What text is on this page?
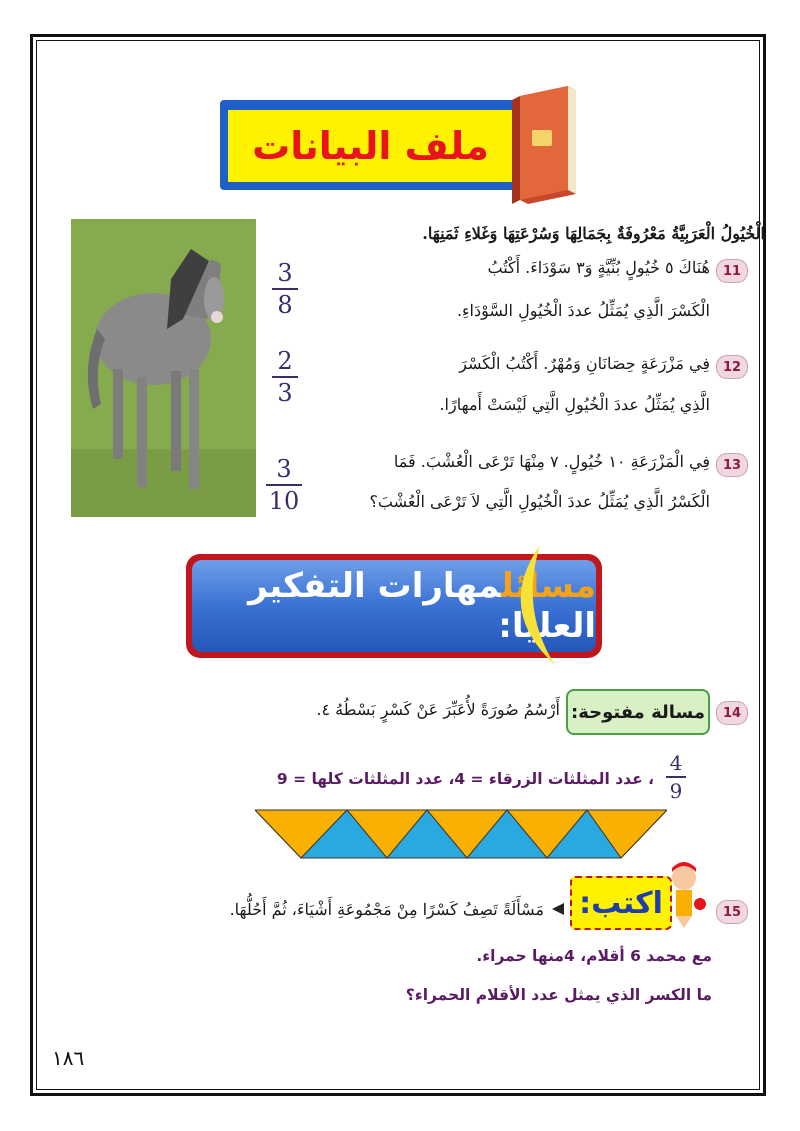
ملف البيانات
الْخُيُولُ الْعَرَبِيَّةُ مَعْرُوفَةٌ بِجَمَالِهَا وَسُرْعَتِهَا وَغَلاءِ ثَمَنِهَا.
11
هُنَاكَ ٥ خُيُولٍ بُنِّيَّةٍ وَ٣ سَوْدَاءَ. أَكْتُبُ
الْكَسْرَ الَّذِي يُمَثِّلُ عددَ الْخُيُولِ السَّوْدَاءِ.
3
8
12
فِي مَزْرَعَةٍ حِصَانَانِ وَمُهْرٌ. أَكْتُبُ الْكَسْرَ
الَّذِي يُمَثِّلُ عددَ الْخُيُولِ الَّتِي لَيْسَتْ أَمهارًا.
2
3
13
فِي الْمَزْرَعَةِ ١٠ خُيُولٍ. ٧ مِنْهَا تَرْعَى الْعُشْبَ. فَمَا
الْكَسْرُ الَّذِي يُمَثِّلُ عددَ الْخُيُولِ الَّتِي لاَ تَرْعَى الْعُشْبَ؟
3
10
مسائلمهارات التفكير العليا:
14
مسالة مفتوحة:
أَرْسُمُ صُورَةً لأُعَبِّرَ عَنْ كَسْرٍ بَسْطُهُ ٤.
4
9
، عدد المثلثات الزرقاء = 4، عدد المثلثات كلها = 9
15
اكتب:
مَسْأَلَةً تَصِفُ كَسْرًا مِنْ مَجْمُوعَةِ أَشْيَاءَ، ثُمَّ أَحُلُّهَا.
مع محمد 6 أقلام، 4منها حمراء.
ما الكسر الذي يمثل عدد الأقلام الحمراء؟
١٨٦
